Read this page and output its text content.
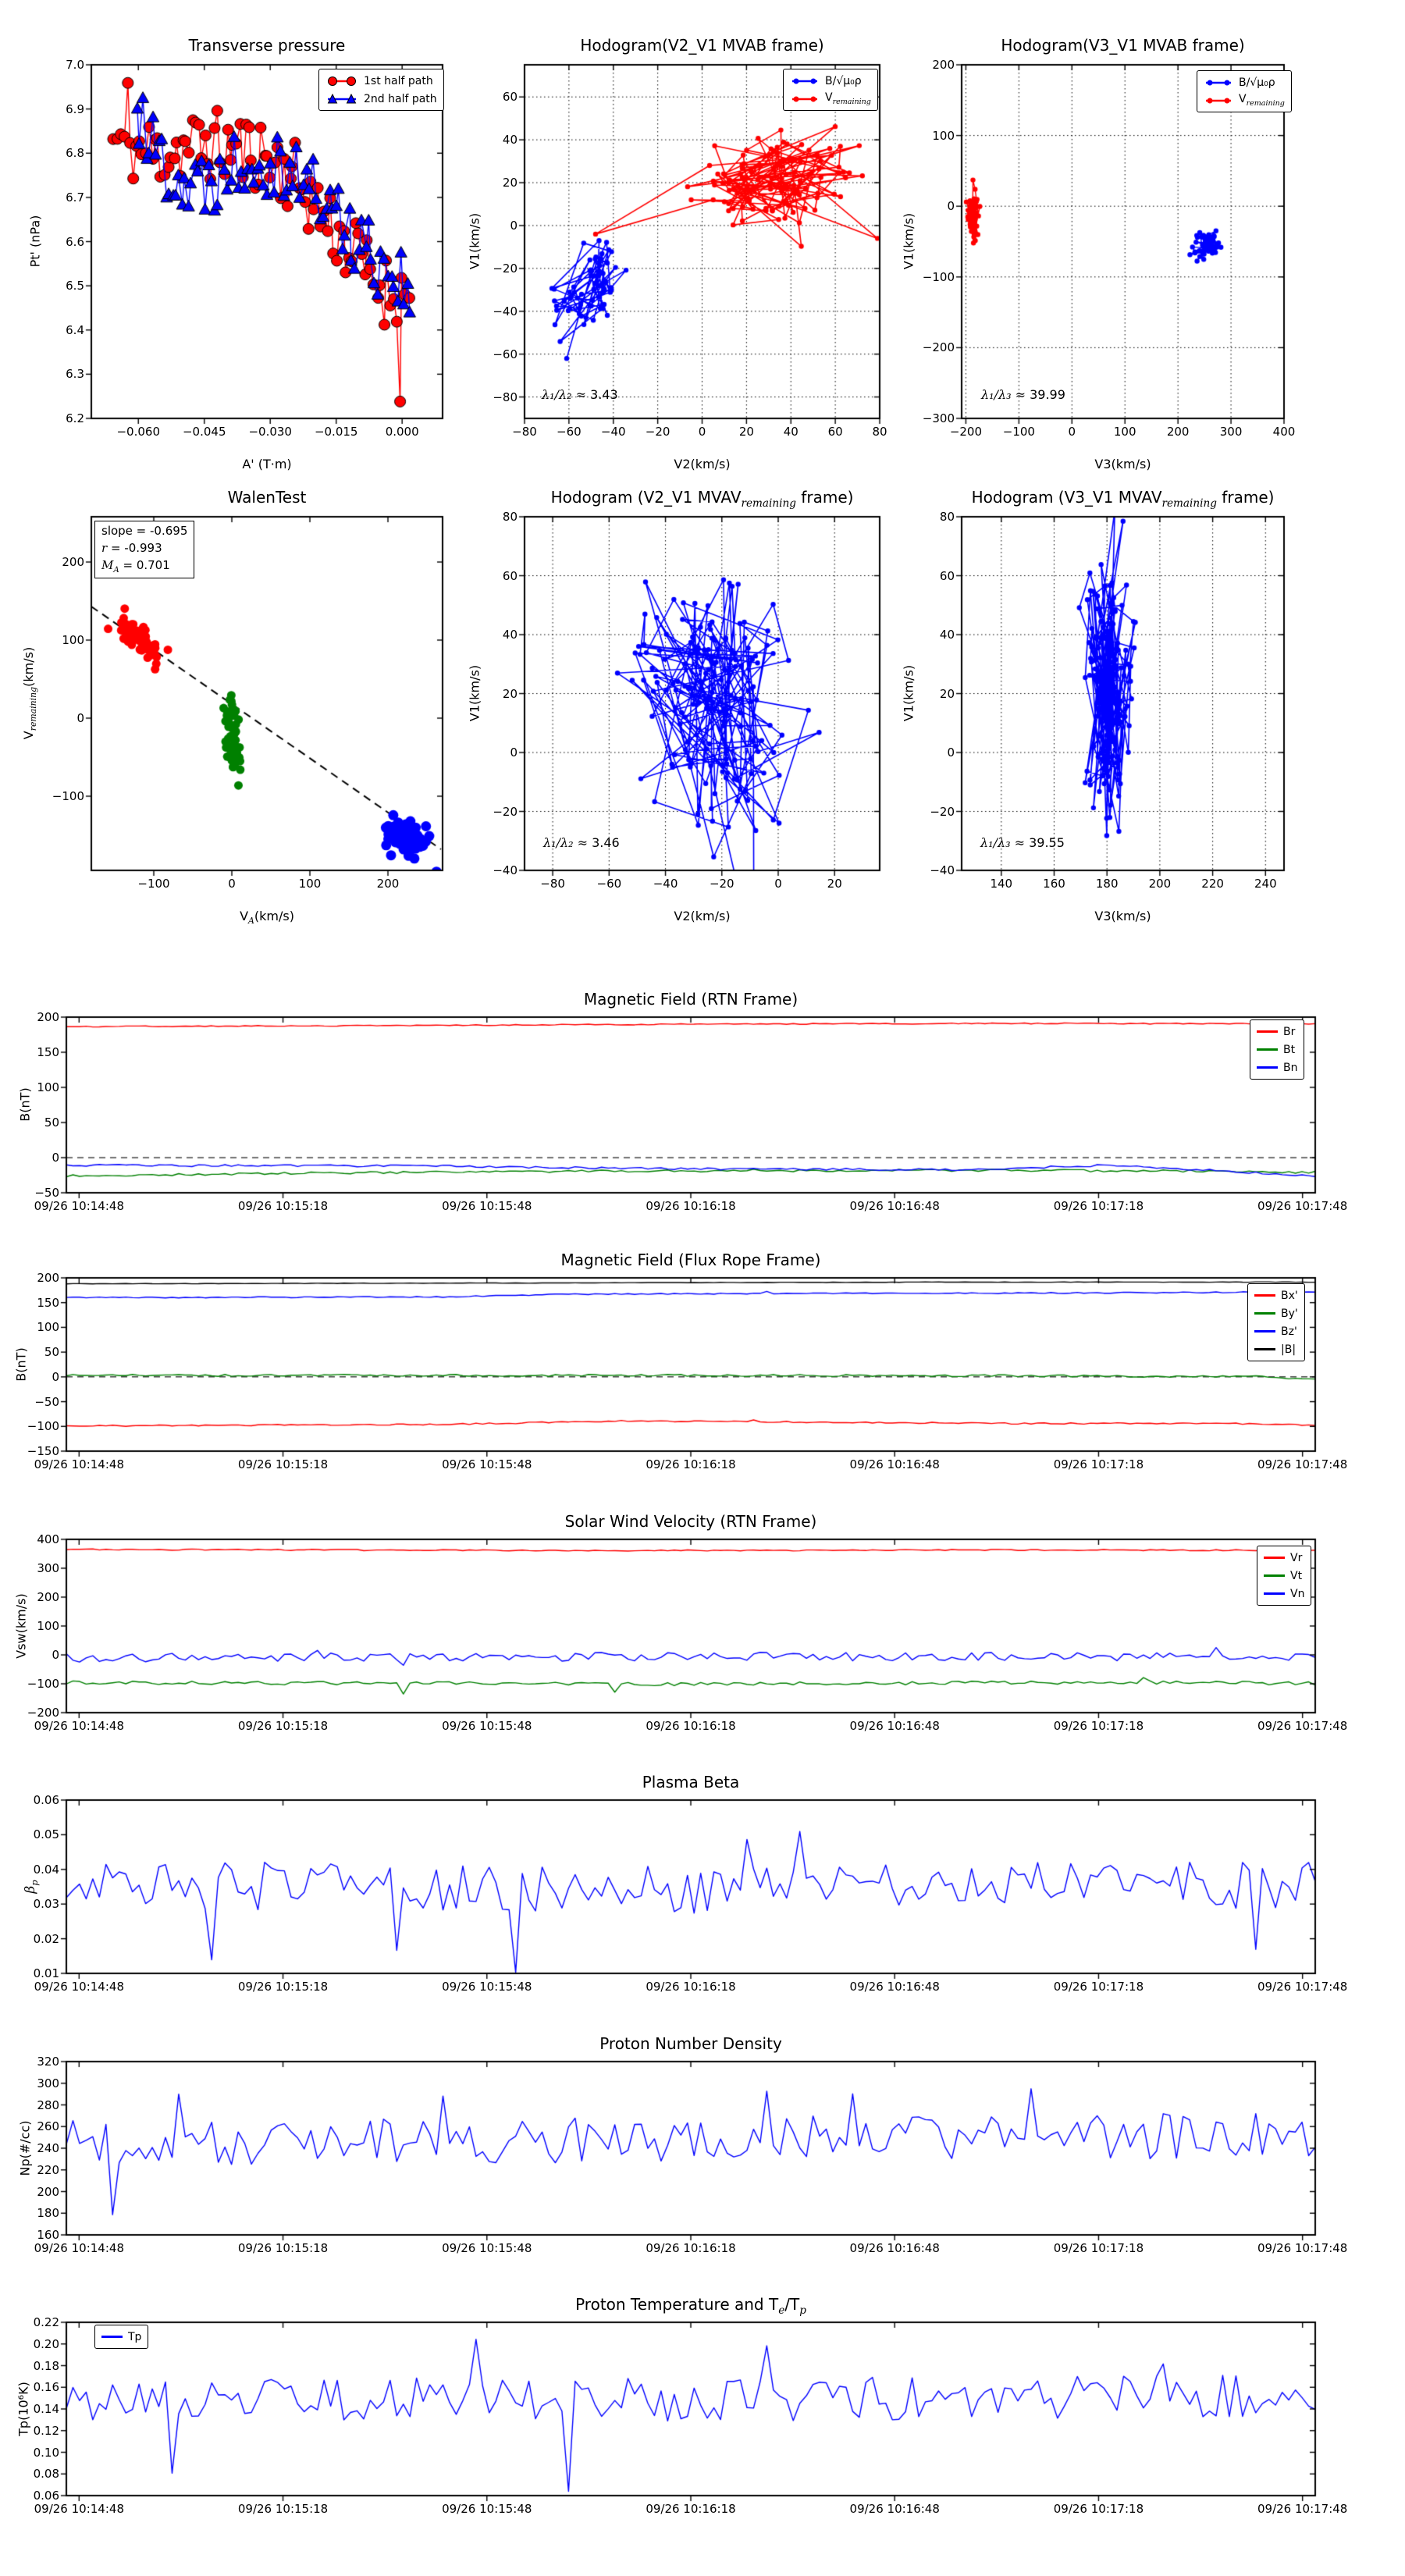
Transverse pressure	Hodogram(V2_V1 MVAB frame)	Hodogram(V3_V1 MVAB frame)
WalenTest	Hodogram (V2_V1 $MVAV_{remaining}$ frame)	Hodogram (V3_V1 $MVAV_{remaining}$ frame)
Magnetic Field (RTN Frame)
Magnetic Field (Flux Rope Frame)
Solar Wind Velocity (RTN Frame)
Plasma Beta
Proton Number Density
Proton Temperature and $T_e/T_p$
A' (T·m)	V2(km/s)	V3(km/s)
$V_A(km/s)$	V2(km/s)	V3(km/s)
Pt' (nPa)	V1(km/s)	V1(km/s)
$V_{remaining}(km/s)$	V1(km/s)	V1(km/s)
B(nT)
B(nT)
Vsw(km/s)
$\beta_p$
Np(#/cc)
Tp(10⁶K)
λ₁/λ₂ ≈ 3.43	λ₁/λ₃ ≈ 39.99
λ₁/λ₂ ≈ 3.46	λ₁/λ₃ ≈ 39.55
slope = -0.695
r = -0.993
$M_A = 0.701$
1st half path
2nd half path
B/√μ₀ρ
$V_{remaining}$
B/√μ₀ρ
$V_{remaining}$
Br
Bt
Bn
Bx'
By'
Bz'
|B|
Vr
Vt
Vn
Tp
−0.060 −0.045 −0.030 −0.015 0.000
6.2
6.3
6.4
6.5
6.6
6.7
6.8
6.9
7.0
−80 −60 −40 −20 0	20	40	60	80
−80
−60
−40
−20
0
20
40
60
−200 −100	0	100	200	300	400
−300
−200
−100
0
100
200
−100	0	100	200
−100
0
100
200
−80	−60	−40	−20	0	20
−40
−20
0
20
40
60
80
140	160	180	200	220	240
−40
−20
0
20
40
60
80
09/26 10:14:48	09/26 10:15:18	09/26 10:15:48	09/26 10:16:18	09/26 10:16:48	09/26 10:17:18	09/26 10:17:48
−50
0
50
100
150
200
09/26 10:14:48	09/26 10:15:18	09/26 10:15:48	09/26 10:16:18	09/26 10:16:48	09/26 10:17:18	09/26 10:17:48
−150
−100
−50
0
50
100
150
200
09/26 10:14:48	09/26 10:15:18	09/26 10:15:48	09/26 10:16:18	09/26 10:16:48	09/26 10:17:18	09/26 10:17:48
−200
−100
0
100
200
300
400
09/26 10:14:48	09/26 10:15:18	09/26 10:15:48	09/26 10:16:18	09/26 10:16:48	09/26 10:17:18	09/26 10:17:48
0.01
0.02
0.03
0.04
0.05
0.06
09/26 10:14:48	09/26 10:15:18	09/26 10:15:48	09/26 10:16:18	09/26 10:16:48	09/26 10:17:18	09/26 10:17:48
160
180
200
220
240
260
280
300
320
09/26 10:14:48	09/26 10:15:18	09/26 10:15:48	09/26 10:16:18	09/26 10:16:48	09/26 10:17:18	09/26 10:17:48
0.06
0.08
0.10
0.12
0.14
0.16
0.18
0.20
0.22
